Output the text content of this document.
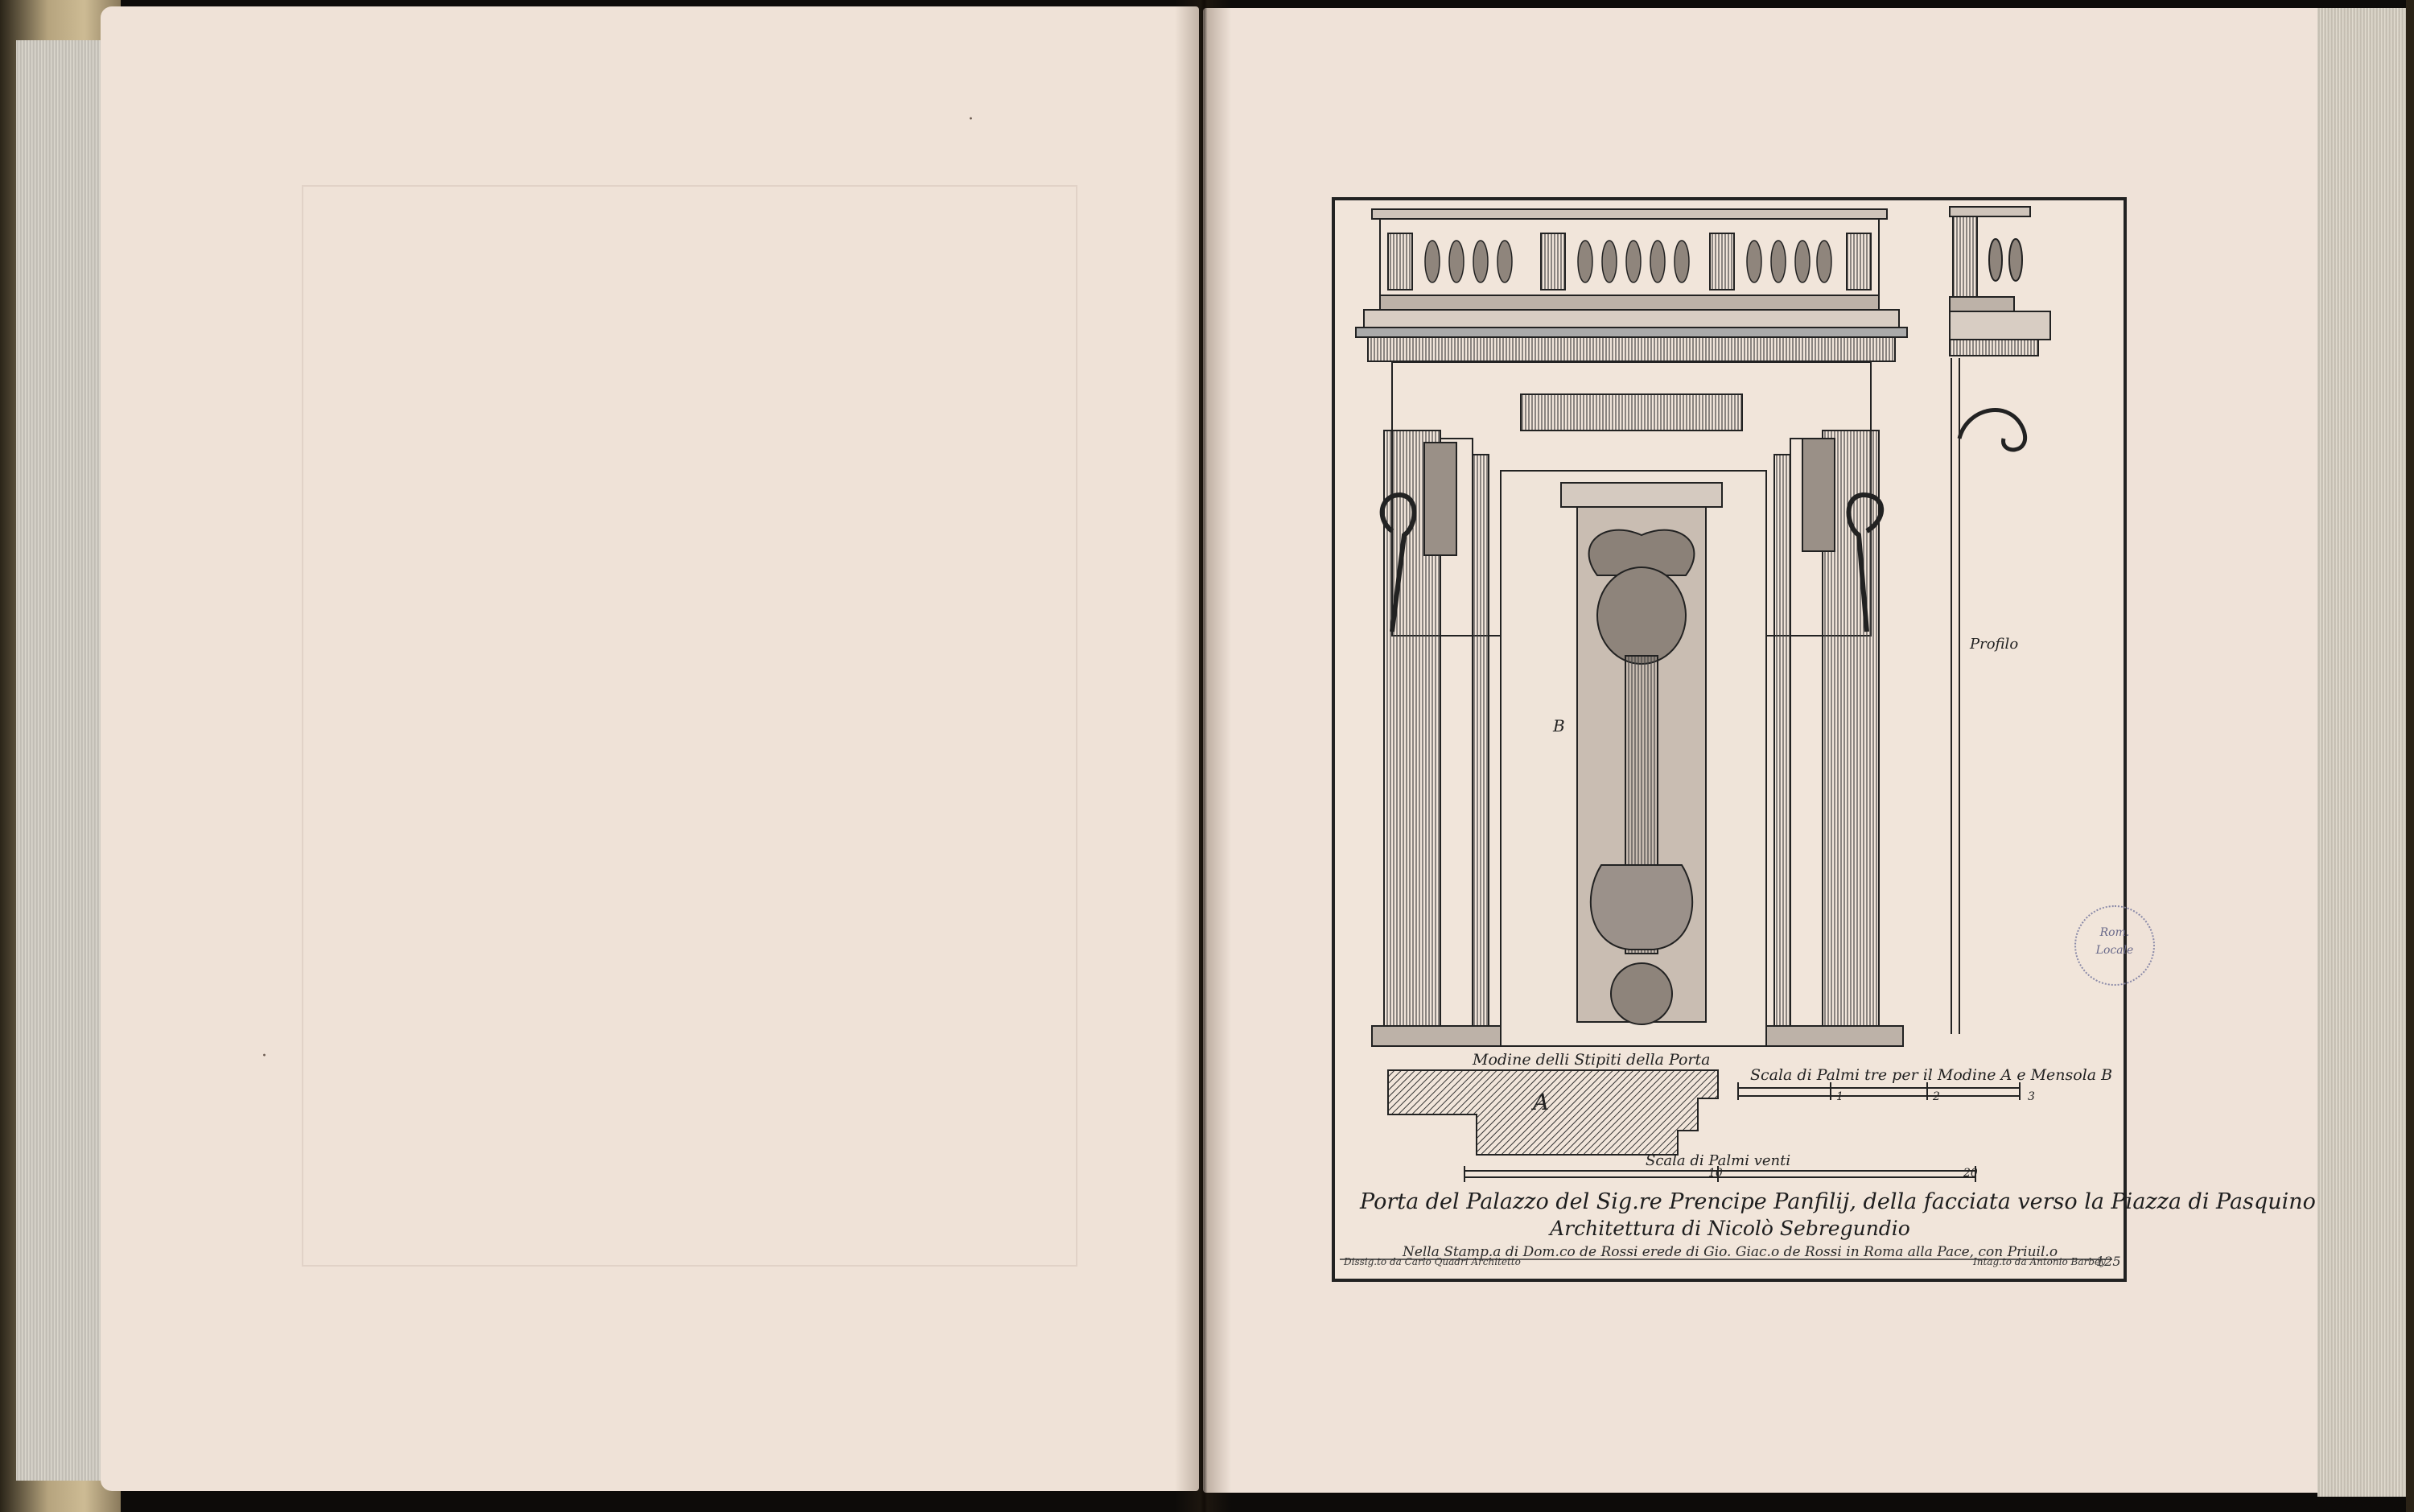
·
·	Modine delli Stipiti della Porta
A
B
Profilo
Scala di Palmi tre per il Modine A e Mensola B
1	2	3
Scala di Palmi venti
10	20
Porta del Palazzo del Sig.re Prencipe Panfilij, della facciata verso la Piazza di Pasquino
Architettura di Nicolò Sebregundio
Nella Stamp.a di Dom.co de Rossi erede di Gio. Giac.o de Rossi in Roma alla Pace, con Priuil.o
Dissig.to da Carlo Quadri Architetto	Intag.to da Antonio Barbey
125
Rom.
Locale
